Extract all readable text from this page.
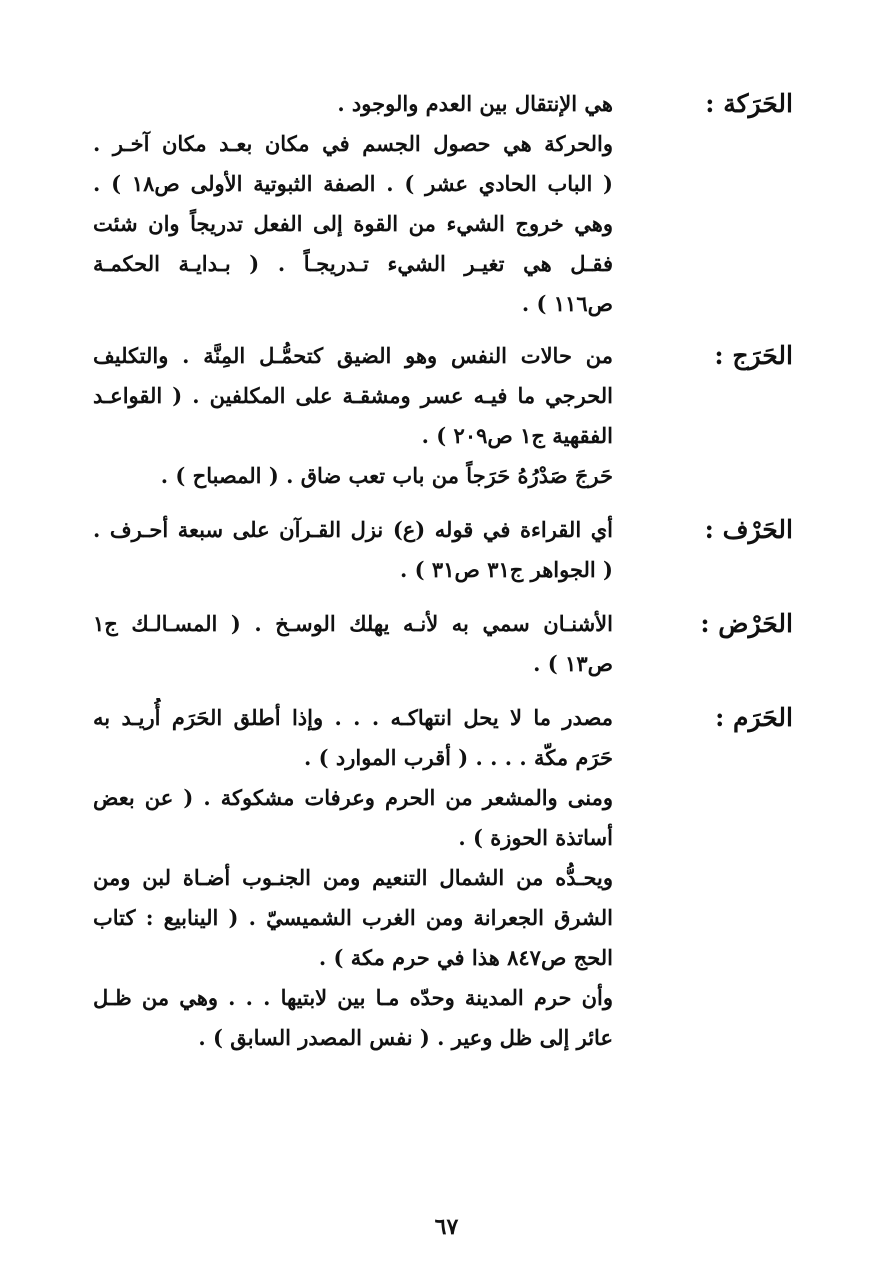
الحَرَكة :
هي الإنتقال بين العدم والوجود .
والحركة هي حصول الجسم في مكان بعـد مكان آخـر .
( الباب الحادي عشر ) . الصفة الثبوتية الأولى ص١٨ ) .
وهي خروج الشيء من القوة إلى الفعل تدريجاً وان شئت
فقـل هي تغيـر الشيء تـدريجـاً . ( بـدايـة الحكمـة
ص١١٦ ) .
الحَرَج :
من حالات النفس وهو الضيق كتحمُّـل المِنَّة . والتكليف
الحرجي ما فيـه عسر ومشقـة على المكلفين . ( القواعـد
الفقهية ج١ ص٢٠٩ ) .
حَرجَ صَدْرُهُ حَرَجاً من باب تعب ضاق . ( المصباح ) .
الحَرْف :
أي القراءة في قوله (ع) نزل القـرآن على سبعة أحـرف .
( الجواهر ج٣١ ص٣١ ) .
الحَرْض :
الأشنـان سمي به لأنـه يهلك الوسـخ . ( المسـالـك ج١
ص١٣ ) .
الحَرَم :
مصدر ما لا يحل انتهاكـه . . . وإذا أطلق الحَرَم أُريـد به
حَرَم مكّة . . . . ( أقرب الموارد ) .
ومنى والمشعر من الحرم وعرفات مشكوكة . ( عن بعض
أساتذة الحوزة ) .
ويحـدُّه من الشمال التنعيم ومن الجنـوب أضـاة لبن ومن
الشرق الجعرانة ومن الغرب الشميسيّ . ( الينابيع : كتاب
الحج ص٨٤٧ هذا في حرم مكة ) .
وأن حرم المدينة وحدّه مـا بين لابتيها . . . وهي من ظـل
عائر إلى ظل وعير . ( نفس المصدر السابق ) .
٦٧
